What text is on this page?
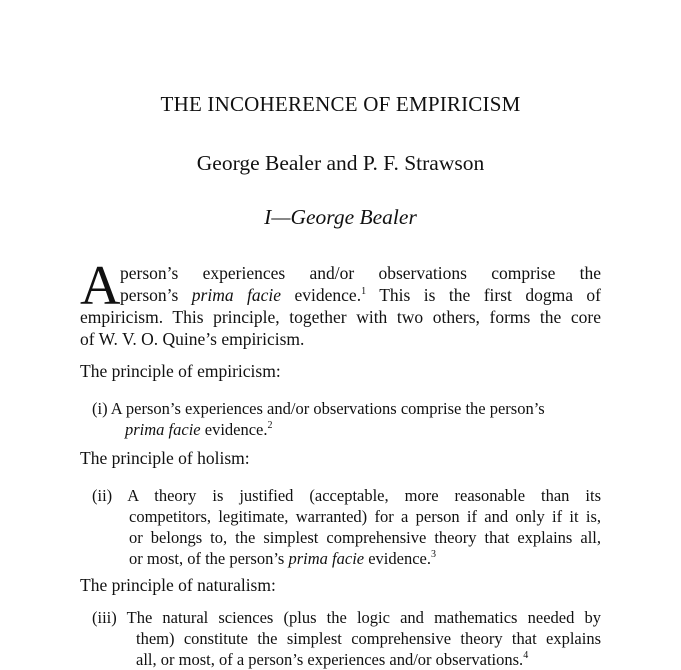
THE INCOHERENCE OF EMPIRICISM
George Bealer and P. F. Strawson
I—George Bealer
A person’s experiences and/or observations comprise the
person’s prima facie evidence.$^1$ This is the first dogma of
empiricism. This principle, together with two others, forms the core
of W. V. O. Quine’s empiricism.
The principle of empiricism:
(i) A person’s experiences and/or observations comprise the person’s
prima facie evidence.$^2$
The principle of holism:
(ii) A theory is justified (acceptable, more reasonable than its
competitors, legitimate, warranted) for a person if and only if it is,
or belongs to, the simplest comprehensive theory that explains all,
or most, of the person’s prima facie evidence.$^3$
The principle of naturalism:
(iii) The natural sciences (plus the logic and mathematics needed by
them) constitute the simplest comprehensive theory that explains
all, or most, of a person’s experiences and/or observations.$^4$
